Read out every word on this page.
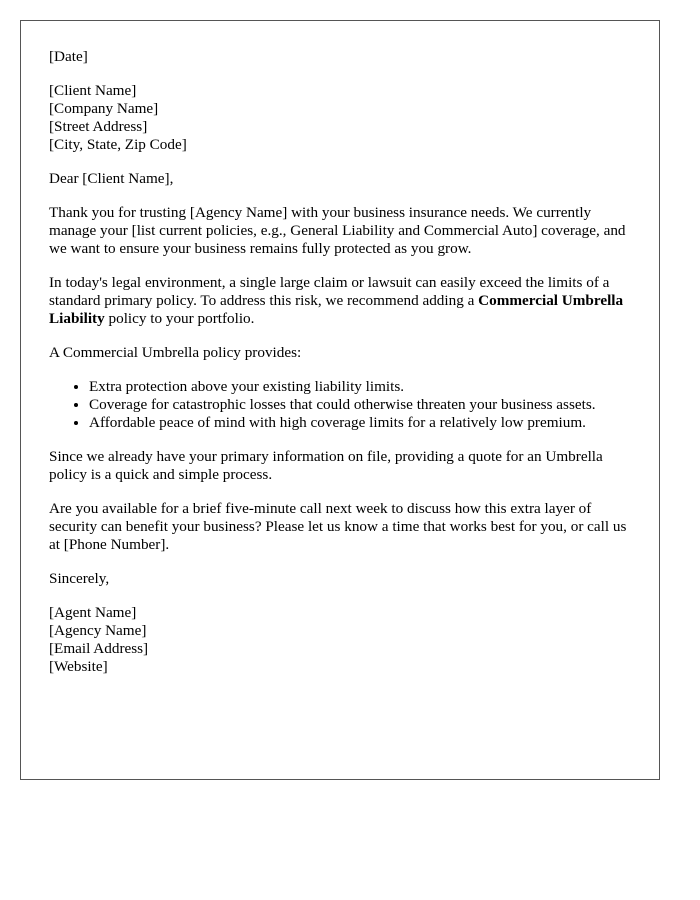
[Date]

[Client Name]
[Company Name]
[Street Address]
[City, State, Zip Code]

Dear [Client Name],

Thank you for trusting [Agency Name] with your business insurance needs. We currently manage your [list current policies, e.g., General Liability and Commercial Auto] coverage, and we want to ensure your business remains fully protected as you grow.

In today's legal environment, a single large claim or lawsuit can easily exceed the limits of a standard primary policy. To address this risk, we recommend adding a Commercial Umbrella Liability policy to your portfolio.

A Commercial Umbrella policy provides:

• Extra protection above your existing liability limits.
• Coverage for catastrophic losses that could otherwise threaten your business assets.
• Affordable peace of mind with high coverage limits for a relatively low premium.

Since we already have your primary information on file, providing a quote for an Umbrella policy is a quick and simple process.

Are you available for a brief five-minute call next week to discuss how this extra layer of security can benefit your business? Please let us know a time that works best for you, or call us at [Phone Number].

Sincerely,

[Agent Name]
[Agency Name]
[Email Address]
[Website]
